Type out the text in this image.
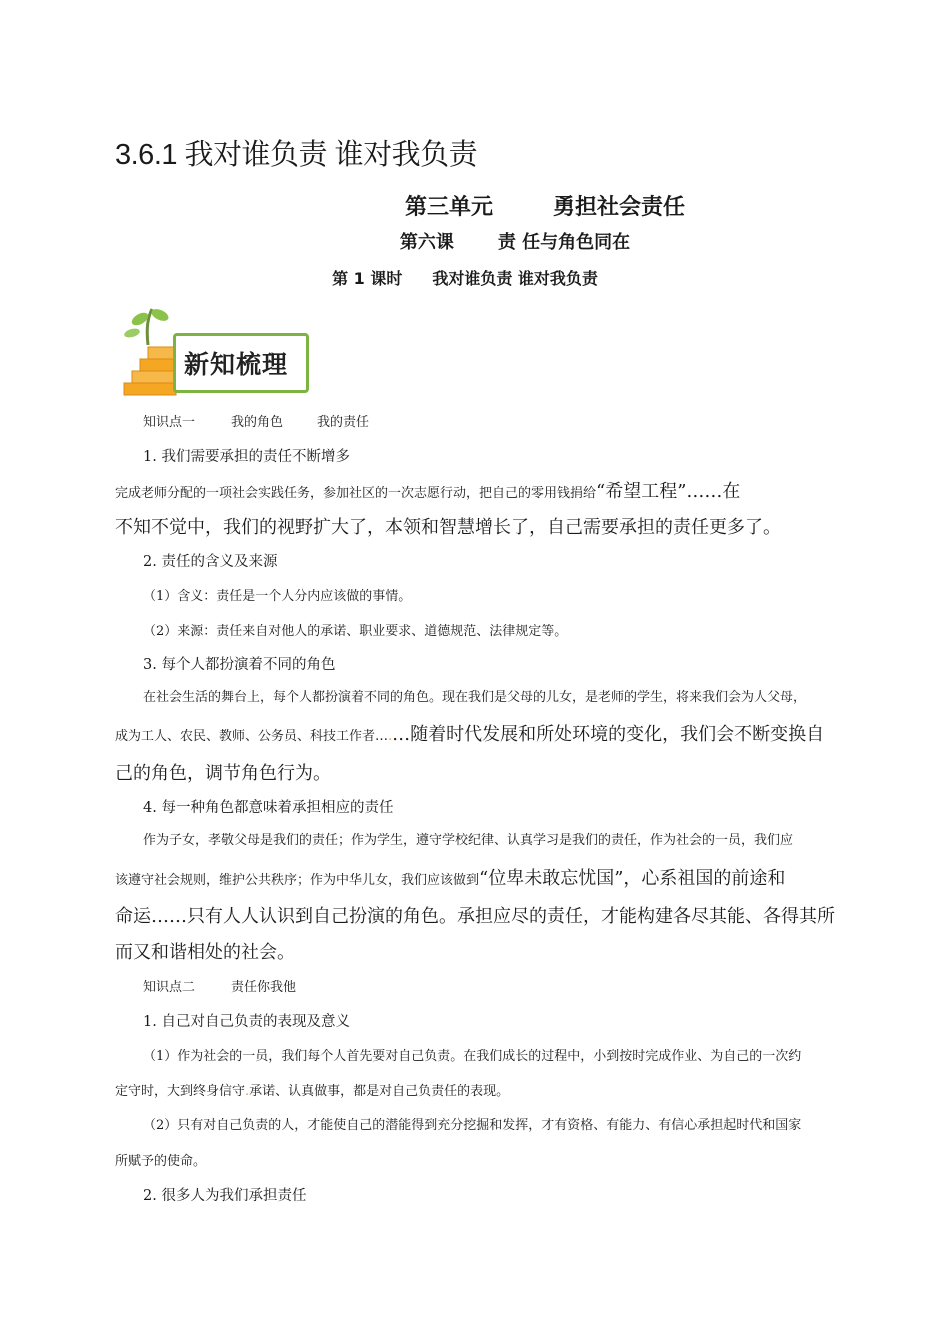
3.6.1 我对谁负责 谁对我负责
第三单元	勇担社会责任
第六课 责 任与角色同在
第 1 课时 我对谁负责 谁对我负责
新知梳理
知识点一	我的角色	我的责任
1. 我们需要承担的责任不断增多
完成老师分配的一项社会实践任务，参加社区的一次志愿行动，把自己的零用钱捐给“希望工程”……在
不知不觉中，我们的视野扩大了，本领和智慧增长了，自己需要承担的责任更多了。
2. 责任的含义及来源
（1）含义：责任是一个人分内应该做的事情。
（2）来源：责任来自对他人的承诺、职业要求、道德规范、法律规定等。
3. 每个人都扮演着不同的角色
在社会生活的舞台上，每个人都扮演着不同的角色。现在我们是父母的儿女，是老师的学生，将来我们会为人父母，
成为工人、农民、教师、公务员、科技工作者….…随着时代发展和所处环境的变化，我们会不断变换自
己的角色，调节角色行为。
4. 每一种角色都意味着承担相应的责任
作为子女，孝敬父母是我们的责任；作为学生，遵守学校纪律、认真学习是我们的责任，作为社会的一员，我们应
该遵守社会规则，维护公共秩序；作为中华儿女，我们应该做到“位卑未敢忘忧国”，心系祖国的前途和
命运……只有人人认识到自己扮演的角色。承担应尽的责任，才能构建各尽其能、各得其所
而又和谐相处的社会。
知识点二	责任你我他
1. 自己对自己负责的表现及意义
（1）作为社会的一员，我们每个人首先要对自己负责。在我们成长的过程中，小到按时完成作业、为自己的一次约
定守时，大到终身信守.承诺、认真做事，都是对自己负责任的表现。
（2）只有对自己负责的人，才能使自己的潜能得到充分挖掘和发挥，才有资格、有能力、有信心承担起时代和国家
所赋予的使命。
2. 很多人为我们承担责任
